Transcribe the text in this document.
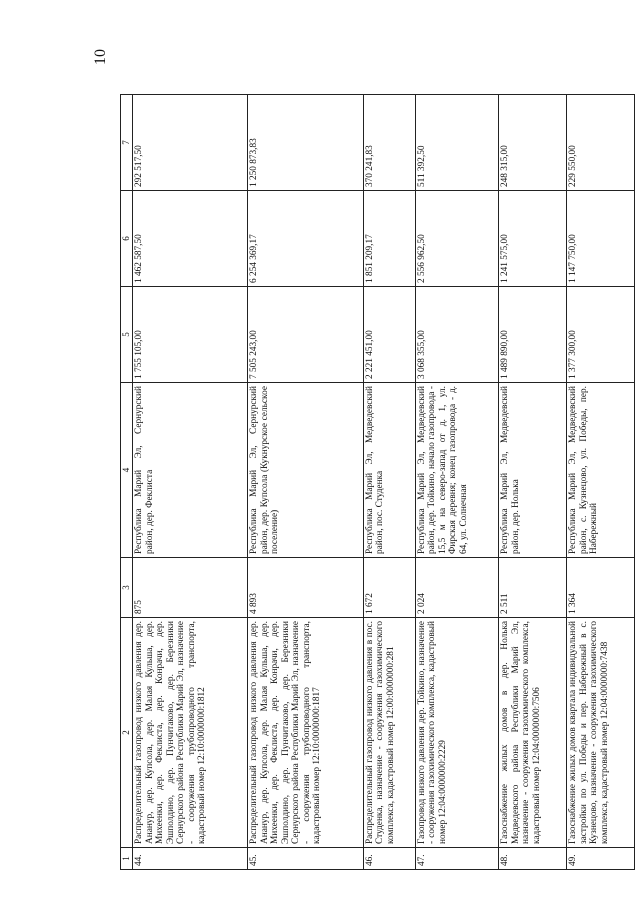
10
1	2	3	4	5	6	7
44.	Распределительный газопровод низкого давления дер. Ананур, дер. Купсола, дер. Малая Кульша, дер. Михеенки, дер. Феклиста, дер. Конрачи, дер. Эшполдино, дер. Пунчитаково, дер. Березники Сернурского района Республики Марий Эл, назначение - сооружения трубопроводного транспорта, кадастровый номер 12:10:0000000:1812	875	Республика Марий Эл, Сернурский район, дер. Феклиста	1 755 105,00	1 462 587,50	292 517,50
45.	Распределительный газопровод низкого давления дер. Ананур, дер. Купсола, дер. Малая Кульша, дер. Михеенки, дер. Феклиста, дер. Конрачи, дер. Эшполдино, дер. Пунчитаково, дер. Березники Сернурского района Республики Марий Эл, назначение - сооружения трубопроводного транспорта, кадастровый номер 12:10:0000000:1817	4 893	Республика Марий Эл, Сернурский район, дер. Купсола (Кукнурское сельское поселение)	7 505 243,00	6 254 369,17	1 250 873,83
46.	Распределительный газопровод низкого давления в пос. Студенка, назначение - сооружения газохимического комплекса, кадастровый номер 12:00:0000000:281	1 672	Республика Марий Эл, Медведевский район, пос. Студенка	2 221 451,00	1 851 209,17	370 241,83
47.	Газопровод низкого давления дер. Тойкино, назначение - сооружения газохимического комплекса, кадастровый номер 12:04:0000000:2229	2 024	Республика Марий Эл, Медведевский район, дер. Тойкино, начало газопровода - 15,5 м на северо-запад от д. 1, ул. Фирская деревня; конец газопровода - д. 64, ул. Солнечная	3 068 355,00	2 556 962,50	511 392,50
48.	Газоснабжение жилых домов в дер. Нолька Медведевского района Республики Марий Эл, назначение - сооружения газохимического комплекса, кадастровый номер 12:04:0000000:7506	2 511	Республика Марий Эл, Медведевский район, дер. Нолька	1 489 890,00	1 241 575,00	248 315,00
49.	Газоснабжение жилых домов квартала индивидуальной застройки по ул. Победы и пер. Набережный в с. Кузнецово, назначение - сооружения газохимического комплекса, кадастровый номер 12:04:0000000:7438	1 364	Республика Марий Эл, Медведевский район, с. Кузнецово, ул. Победы, пер. Набережный	1 377 300,00	1 147 750,00	229 550,00
